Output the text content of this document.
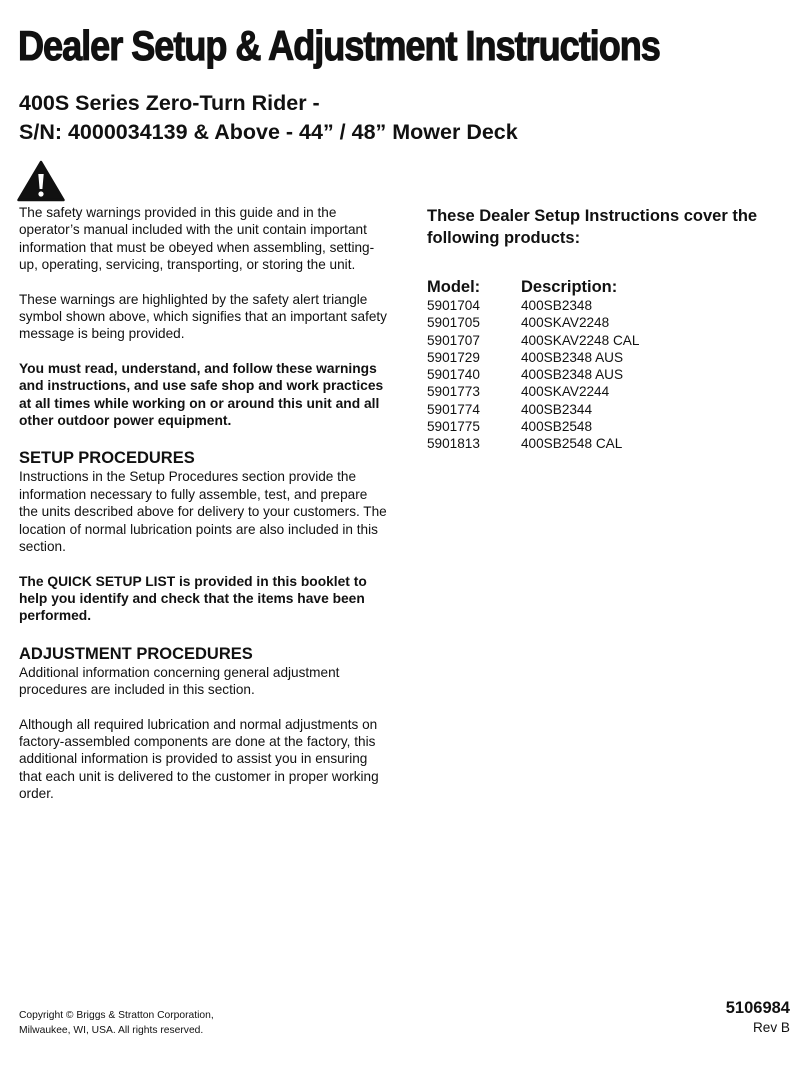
Dealer Setup & Adjustment Instructions
400S Series Zero-Turn Rider -
S/N: 4000034139 & Above - 44” / 48” Mower Deck

The safety warnings provided in this guide and in the operator’s manual included with the unit contain important information that must be obeyed when assembling, setting-up, operating, servicing, transporting, or storing the unit.

These warnings are highlighted by the safety alert triangle symbol shown above, which signifies that an important safety message is being provided.

You must read, understand, and follow these warnings and instructions, and use safe shop and work practices at all times while working on or around this unit and all other outdoor power equipment.

SETUP PROCEDURES

Instructions in the Setup Procedures section provide the information necessary to fully assemble, test, and prepare the units described above for delivery to your customers. The location of normal lubrication points are also included in this section.

The QUICK SETUP LIST is provided in this booklet to help you identify and check that the items have been performed.

ADJUSTMENT PROCEDURES

Additional information concerning general adjustment procedures are included in this section.

Although all required lubrication and normal adjustments on factory-assembled components are done at the factory, this additional information is provided to assist you in ensuring that each unit is delivered to the customer in proper working order.

These Dealer Setup Instructions cover the following products:
Model:	Description:
5901704	400SB2348
5901705	400SKAV2248
5901707	400SKAV2248 CAL
5901729	400SB2348 AUS
5901740	400SB2348 AUS
5901773	400SKAV2244
5901774	400SB2344
5901775	400SB2548
5901813	400SB2548 CAL
Copyright © Briggs & Stratton Corporation,
Milwaukee, WI, USA. All rights reserved.
5106984
Rev B
